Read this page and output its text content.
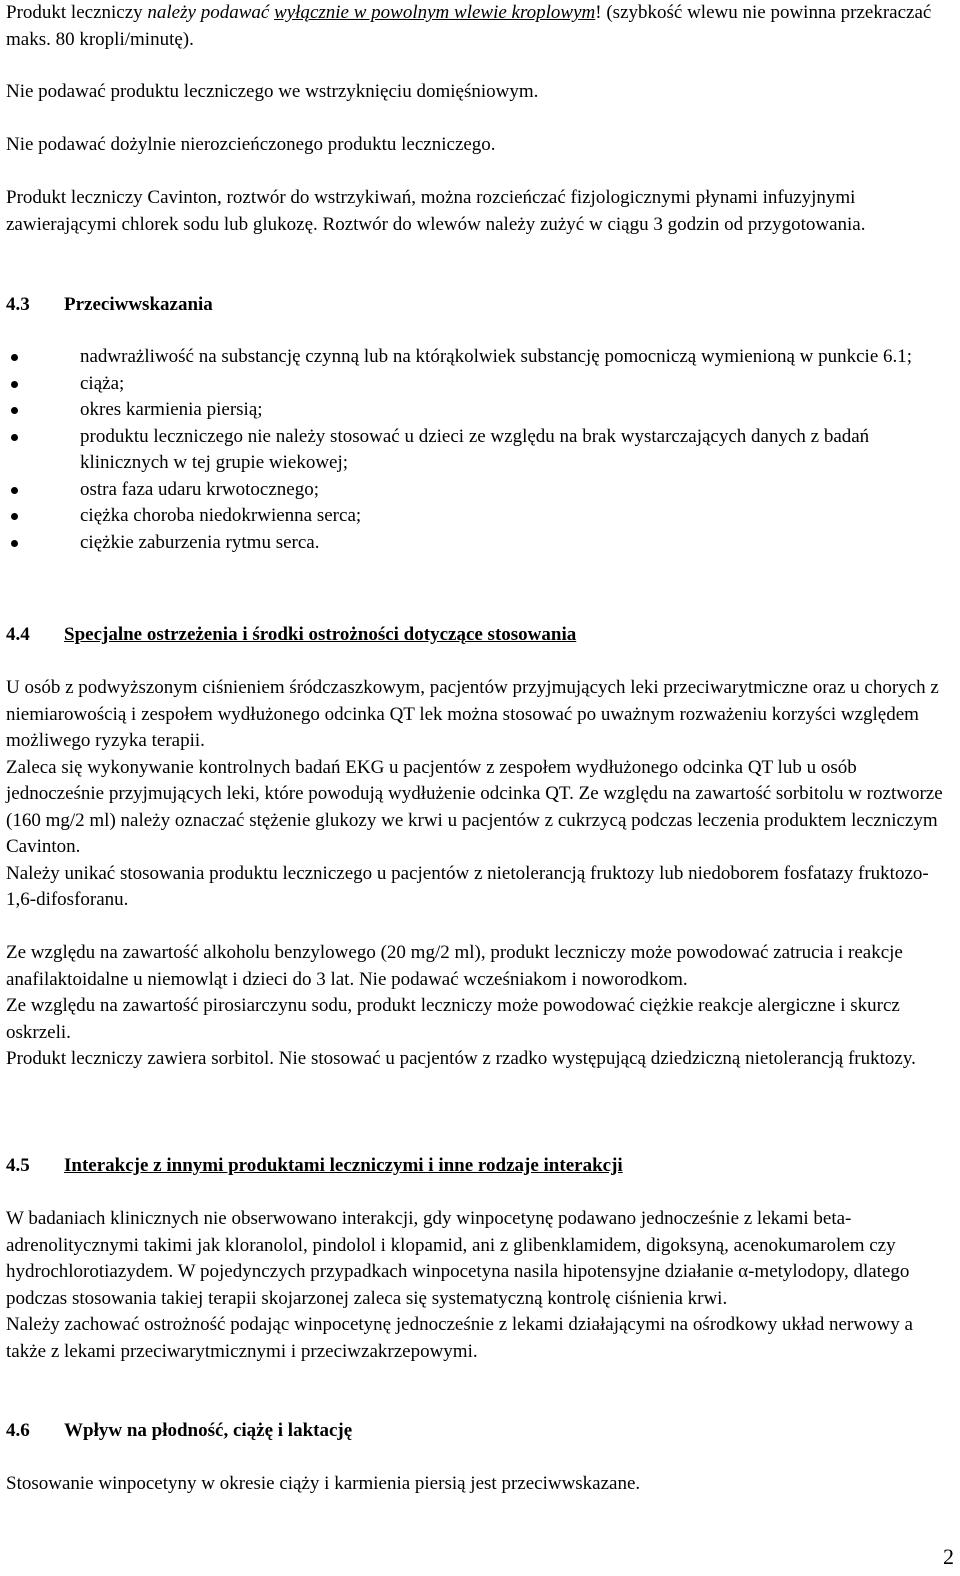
Produkt leczniczy należy podawać wyłącznie w powolnym wlewie kroplowym! (szybkość wlewu nie powinna przekraczać maks. 80 kropli/minutę).

Nie podawać produktu leczniczego we wstrzyknięciu domięśniowym.

Nie podawać dożylnie nierozcieńczonego produktu leczniczego.

Produkt leczniczy Cavinton, roztwór do wstrzykiwań, można rozcieńczać fizjologicznymi płynami infuzyjnymi zawierającymi chlorek sodu lub glukozę. Roztwór do wlewów należy zużyć w ciągu 3 godzin od przygotowania.

4.3 Przeciwwskazania
nadwrażliwość na substancję czynną lub na którąkolwiek substancję pomocniczą wymienioną w punkcie 6.1;
ciąża;
okres karmienia piersią;
produktu leczniczego nie należy stosować u dzieci ze względu na brak wystarczających danych z badań klinicznych w tej grupie wiekowej;
ostra faza udaru krwotocznego;
ciężka choroba niedokrwienna serca;
ciężkie zaburzenia rytmu serca.
4.4 Specjalne ostrzeżenia i środki ostrożności dotyczące stosowania

U osób z podwyższonym ciśnieniem śródczaszkowym, pacjentów przyjmujących leki przeciwarytmiczne oraz u chorych z niemiarowością i zespołem wydłużonego odcinka QT lek można stosować po uważnym rozważeniu korzyści względem możliwego ryzyka terapii.

Zaleca się wykonywanie kontrolnych badań EKG u pacjentów z zespołem wydłużonego odcinka QT lub u osób jednocześnie przyjmujących leki, które powodują wydłużenie odcinka QT. Ze względu na zawartość sorbitolu w roztworze (160 mg/2 ml) należy oznaczać stężenie glukozy we krwi u pacjentów z cukrzycą podczas leczenia produktem leczniczym Cavinton.

Należy unikać stosowania produktu leczniczego u pacjentów z nietolerancją fruktozy lub niedoborem fosfatazy fruktozo-1,6-difosforanu.

Ze względu na zawartość alkoholu benzylowego (20 mg/2 ml), produkt leczniczy może powodować zatrucia i reakcje anafilaktoidalne u niemowląt i dzieci do 3 lat. Nie podawać wcześniakom i noworodkom.

Ze względu na zawartość pirosiarczynu sodu, produkt leczniczy może powodować ciężkie reakcje alergiczne i skurcz oskrzeli.

Produkt leczniczy zawiera sorbitol. Nie stosować u pacjentów z rzadko występującą dziedziczną nietolerancją fruktozy.

4.5 Interakcje z innymi produktami leczniczymi i inne rodzaje interakcji

W badaniach klinicznych nie obserwowano interakcji, gdy winpocetynę podawano jednocześnie z lekami beta-adrenolitycznymi takimi jak kloranolol, pindolol i klopamid, ani z glibenklamidem, digoksyną, acenokumarolem czy hydrochlorotiazydem. W pojedynczych przypadkach winpocetyna nasila hipotensyjne działanie α-metylodopy, dlatego podczas stosowania takiej terapii skojarzonej zaleca się systematyczną kontrolę ciśnienia krwi.

Należy zachować ostrożność podając winpocetynę jednocześnie z lekami działającymi na ośrodkowy układ nerwowy a także z lekami przeciwarytmicznymi i przeciwzakrzepowymi.

4.6 Wpływ na płodność, ciążę i laktację

Stosowanie winpocetyny w okresie ciąży i karmienia piersią jest przeciwwskazane.

2
